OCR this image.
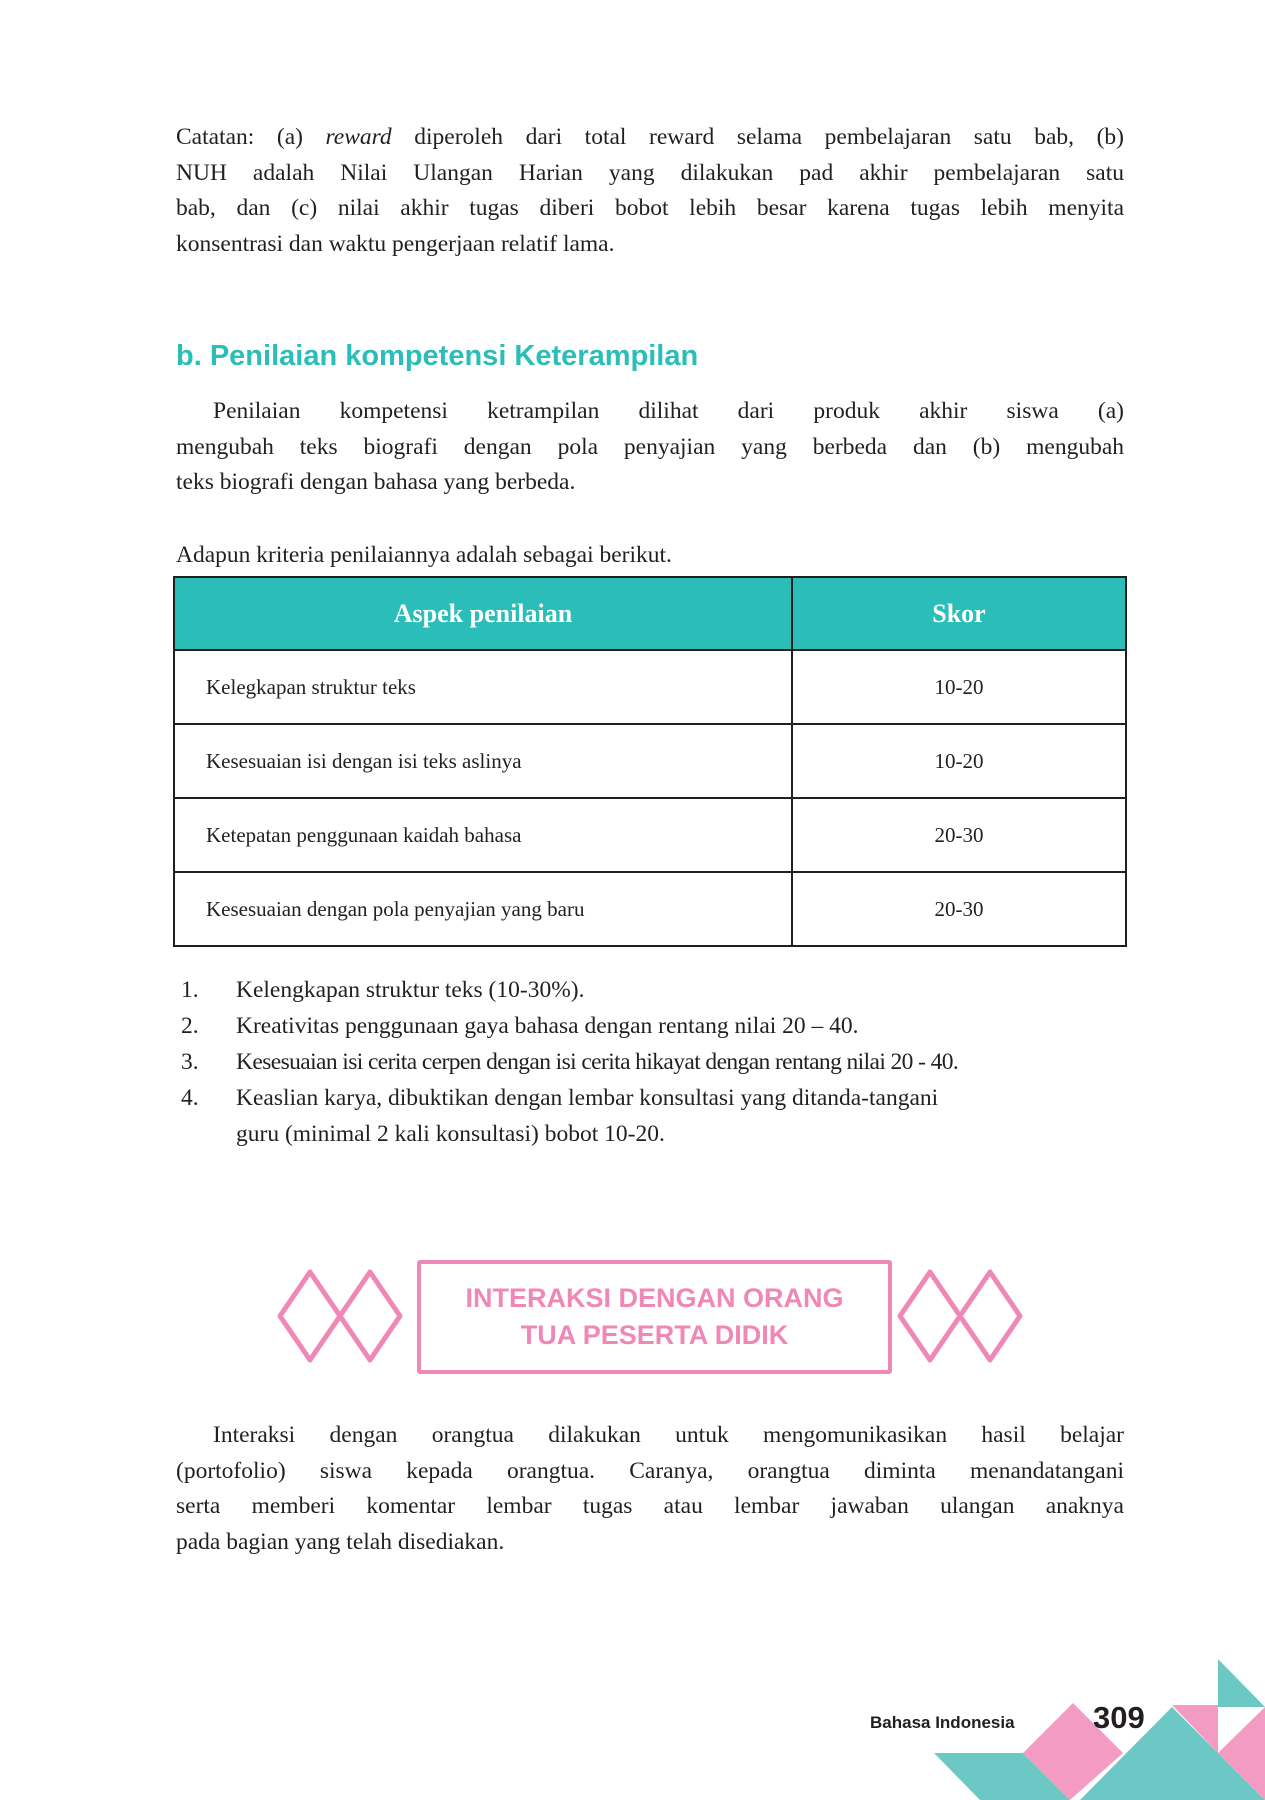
Catatan: (a) reward diperoleh dari total reward selama pembelajaran satu bab, (b)
NUH adalah Nilai Ulangan Harian yang dilakukan pad akhir pembelajaran satu
bab, dan (c) nilai akhir tugas diberi bobot lebih besar karena tugas lebih menyita
konsentrasi dan waktu pengerjaan relatif lama.
b. Penilaian kompetensi Keterampilan
Penilaian kompetensi ketrampilan dilihat dari produk akhir siswa (a)
mengubah teks biografi dengan pola penyajian yang berbeda dan (b) mengubah
teks biografi dengan bahasa yang berbeda.
Adapun kriteria penilaiannya adalah sebagai berikut.
Aspek penilaian	Skor
Kelegkapan struktur teks	10-20
Kesesuaian isi dengan isi teks aslinya	10-20
Ketepatan penggunaan kaidah bahasa	20-30
Kesesuaian dengan pola penyajian yang baru	20-30
1. Kelengkapan struktur teks (10-30%).
2. Kreativitas penggunaan gaya bahasa dengan rentang nilai 20 – 40.
3. Kesesuaian isi cerita cerpen dengan isi cerita hikayat dengan rentang nilai 20 - 40.
4. Keaslian karya, dibuktikan dengan lembar konsultasi yang ditanda-tangani
guru (minimal 2 kali konsultasi) bobot 10-20.
INTERAKSI DENGAN ORANG
TUA PESERTA DIDIK
Interaksi dengan orangtua dilakukan untuk mengomunikasikan hasil belajar
(portofolio) siswa kepada orangtua. Caranya, orangtua diminta menandatangani
serta memberi komentar lembar tugas atau lembar jawaban ulangan anaknya
pada bagian yang telah disediakan.
Bahasa Indonesia	309
